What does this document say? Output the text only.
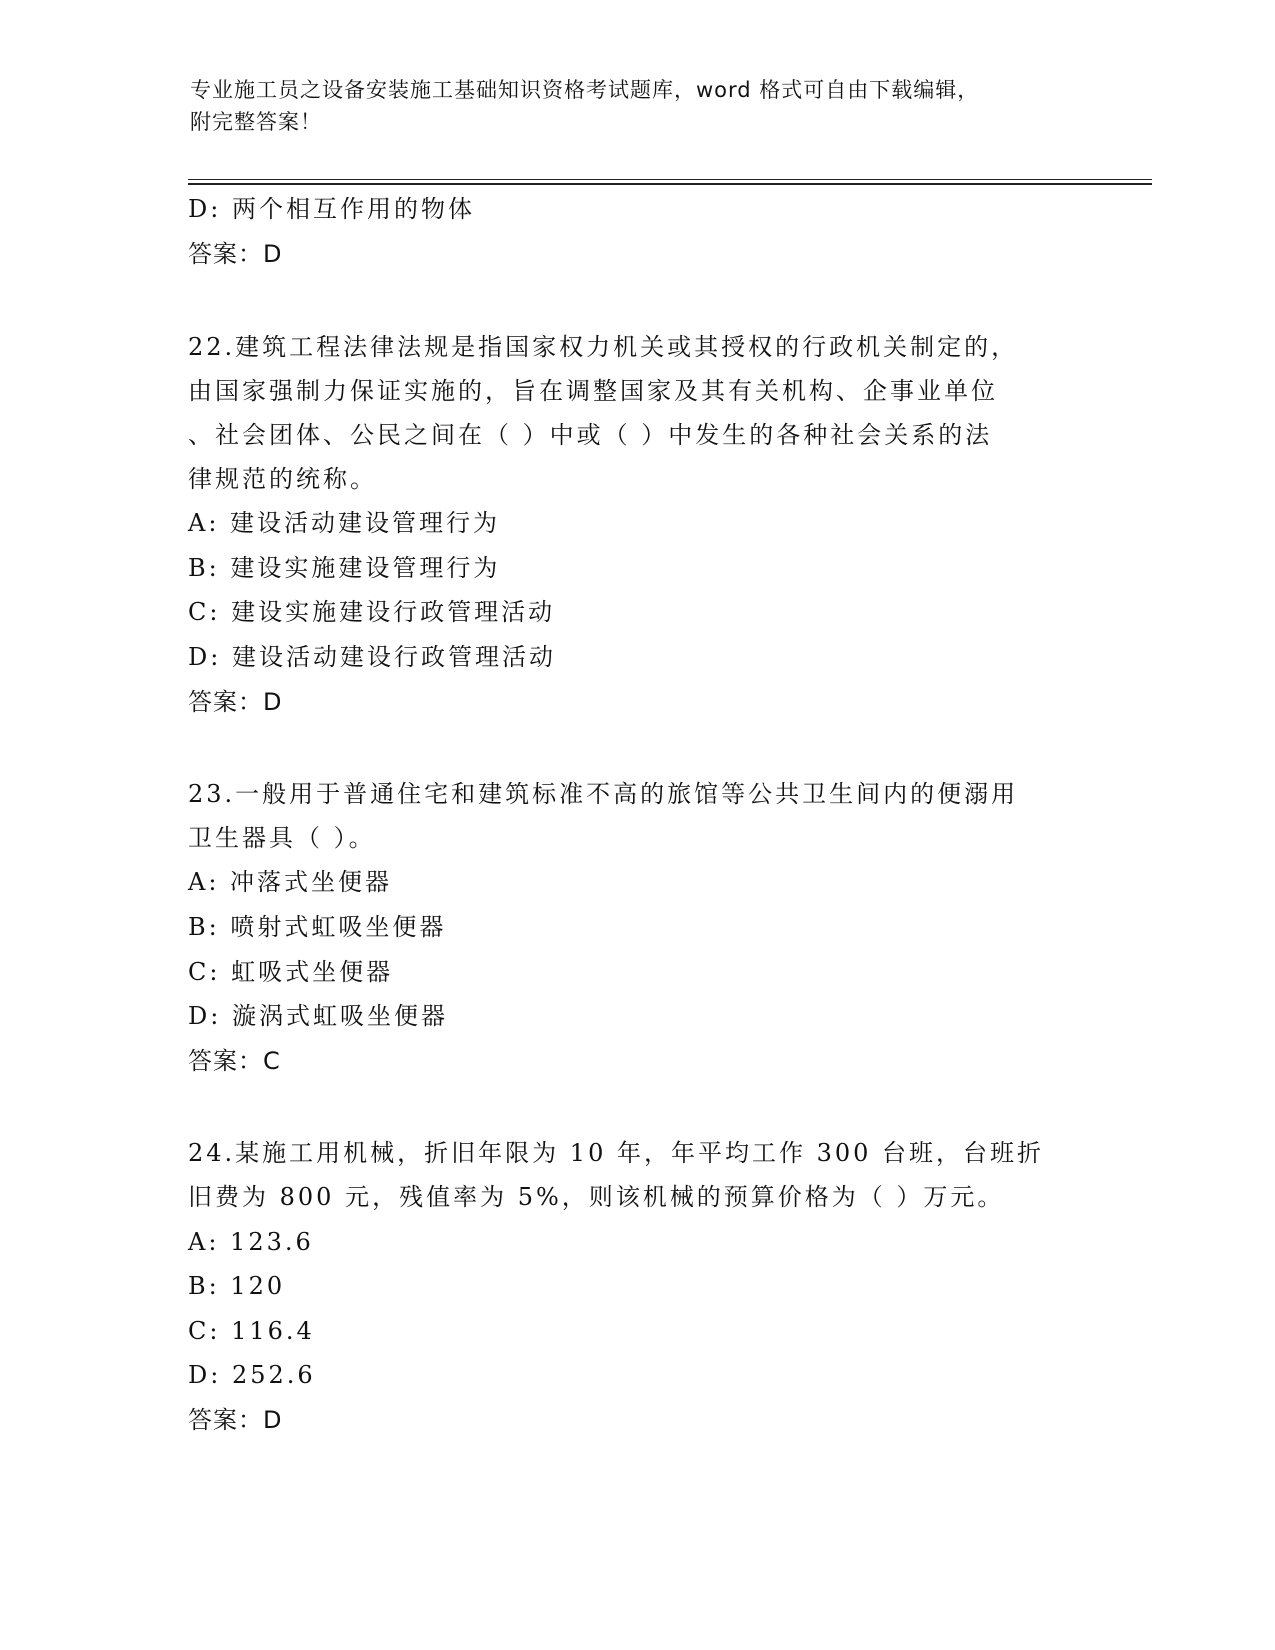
专业施工员之设备安装施工基础知识资格考试题库，word 格式可自由下载编辑，
附完整答案！
D: 两个相互作用的物体
答案：D
22.建筑工程法律法规是指国家权力机关或其授权的行政机关制定的，
由国家强制力保证实施的，旨在调整国家及其有关机构、企事业单位
、社会团体、公民之间在（ ）中或（ ）中发生的各种社会关系的法
律规范的统称。
A: 建设活动建设管理行为
B: 建设实施建设管理行为
C: 建设实施建设行政管理活动
D: 建设活动建设行政管理活动
答案：D
23.一般用于普通住宅和建筑标准不高的旅馆等公共卫生间内的便溺用
卫生器具（ ）。
A: 冲落式坐便器
B: 喷射式虹吸坐便器
C: 虹吸式坐便器
D: 漩涡式虹吸坐便器
答案：C
24.某施工用机械，折旧年限为 10 年，年平均工作 300 台班，台班折
旧费为 800 元，残值率为 5%，则该机械的预算价格为（ ）万元。
A: 123.6
B: 120
C: 116.4
D: 252.6
答案：D
